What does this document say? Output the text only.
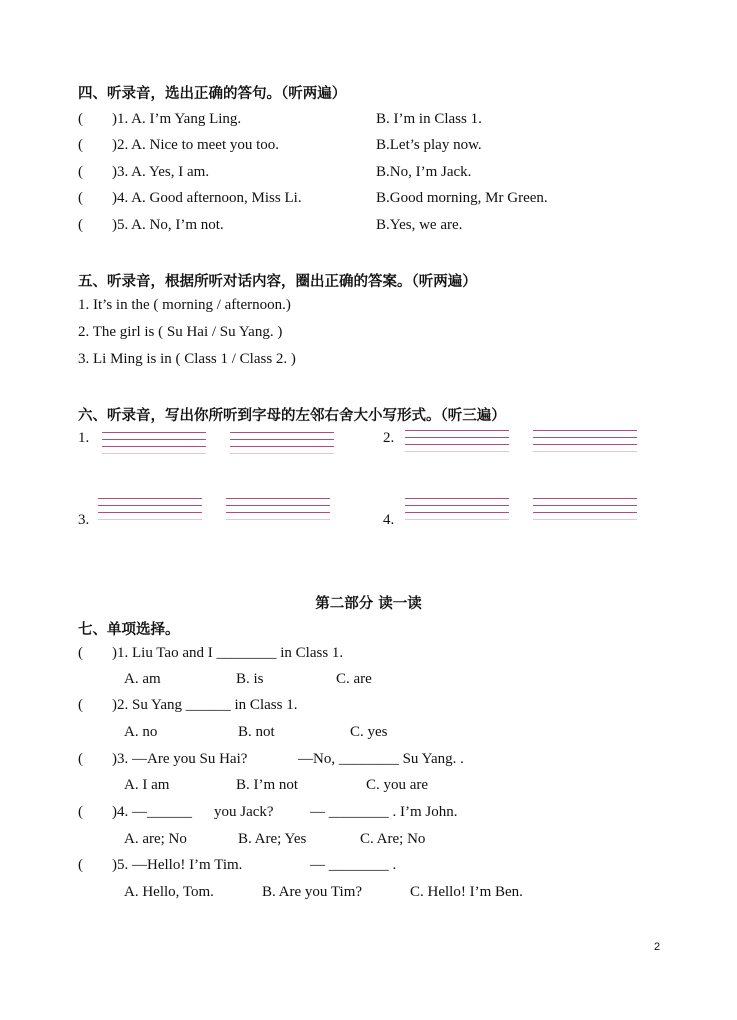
四、听录音，选出正确的答句。（听两遍）
( )1. A. I’m Yang Ling.	B. I’m in Class 1.
( )2. A. Nice to meet you too.	B.Let’s play now.
( )3. A. Yes, I am.	B.No, I’m Jack.
( )4. A. Good afternoon, Miss Li.	B.Good morning, Mr Green.
( )5. A. No, I’m not.	B.Yes, we are.
五、听录音，根据所听对话内容，圈出正确的答案。（听两遍）
1. It’s in the ( morning / afternoon.)
2. The girl is ( Su Hai / Su Yang. )
3. Li Ming is in ( Class 1 / Class 2. )
六、听录音，写出你所听到字母的左邻右舍大小写形式。（听三遍）
1.	2.
3.	4.
第二部分 读一读
七、单项选择。
( )1. Liu Tao and I ________ in Class 1.
A. am	B. is	C. are
( )2. Su Yang ______ in Class 1.
A. no	B. not	C. yes
( )3. —Are you Su Hai?	—No, ________ Su Yang. .
A. I am	B. I’m not	C. you are
( )4. —______ you Jack? — ________ . I’m John.
A. are; No	B. Are; Yes	C. Are; No
( )5. —Hello! I’m Tim.	— ________ .
A. Hello, Tom.	B. Are you Tim?	C. Hello! I’m Ben.
2
